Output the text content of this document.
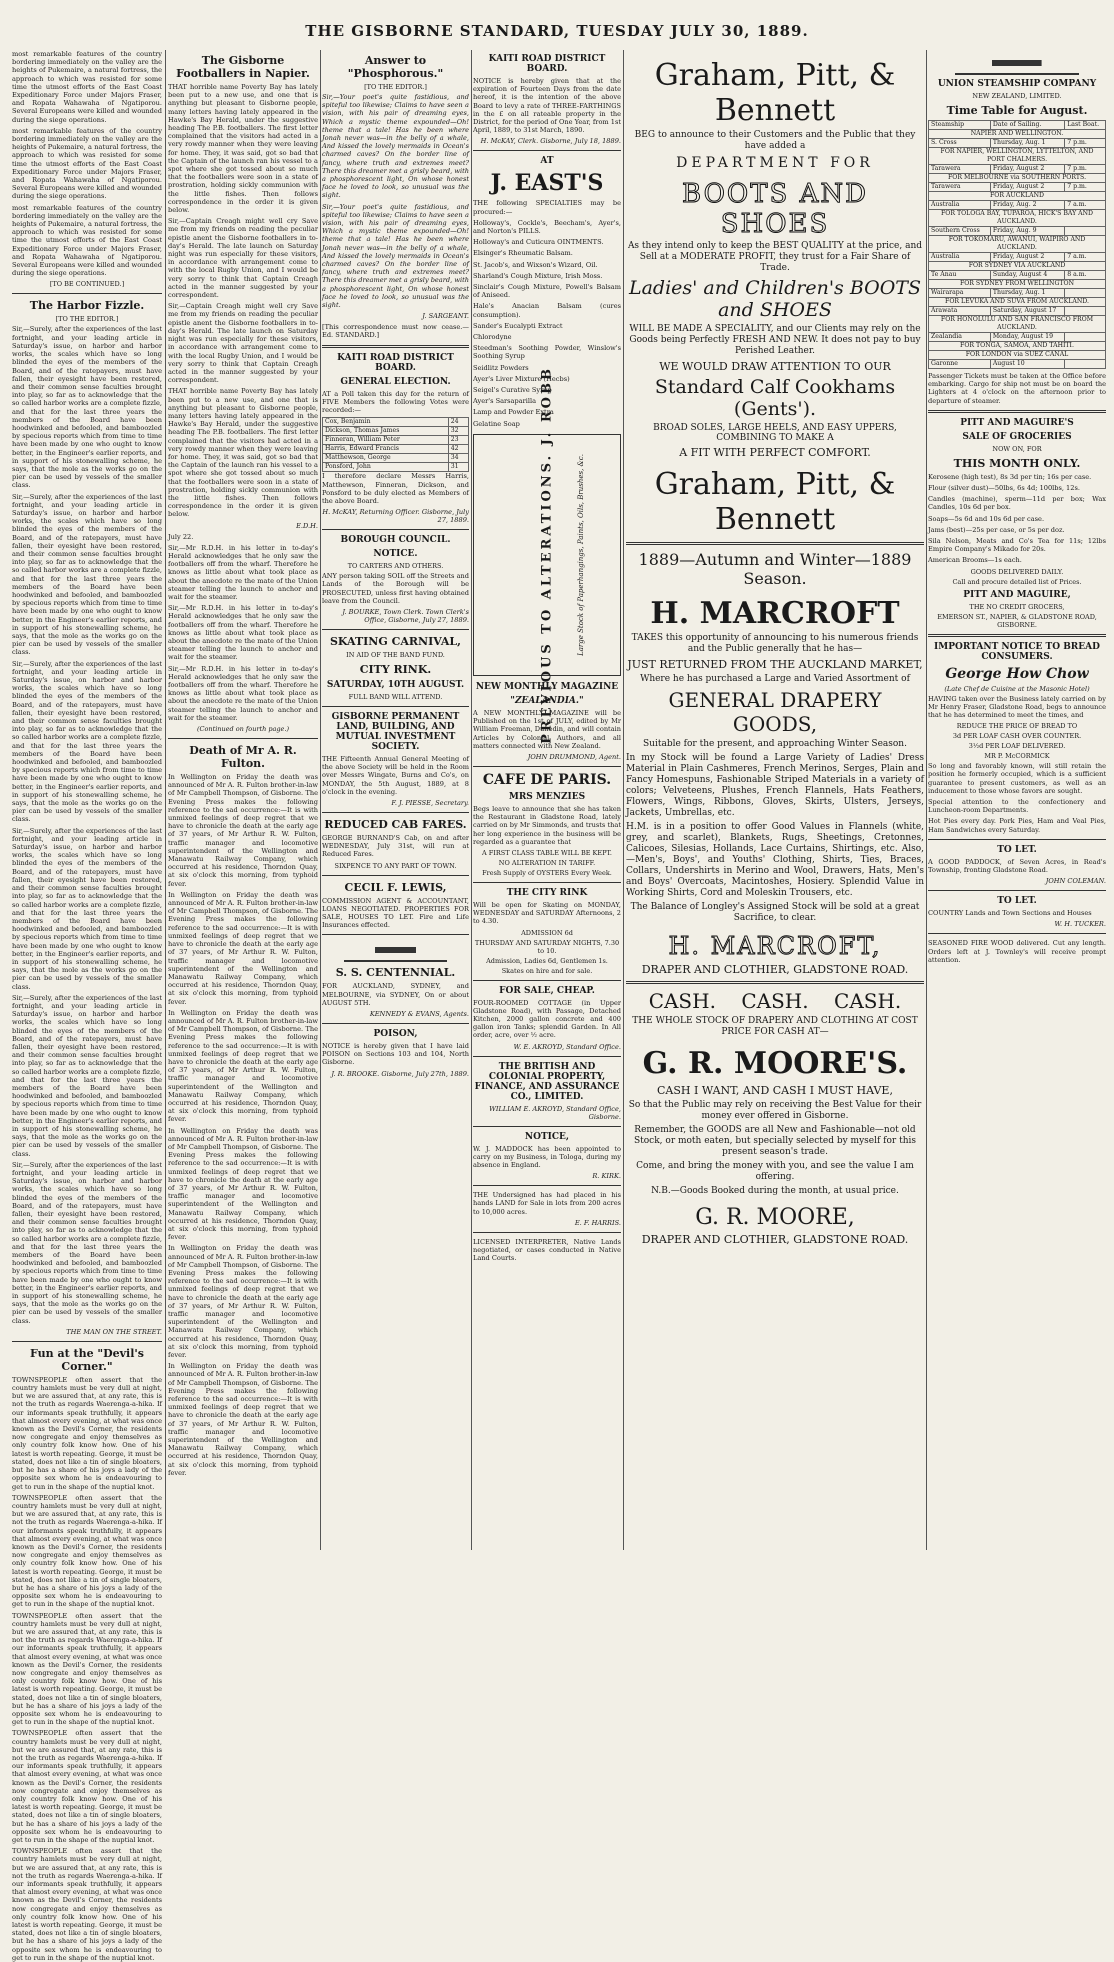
THE GISBORNE STANDARD, TUESDAY JULY 30, 1889.

most remarkable features of the country bordering immediately on the valley are the heights of Pukemaire, a natural fortress, the approach to which was resisted for some time the utmost efforts of the East Coast Expeditionary Force under Majors Fraser, and Ropata Wahawaha of Ngatiporou. Several Europeans were killed and wounded during the siege operations.

most remarkable features of the country bordering immediately on the valley are the heights of Pukemaire, a natural fortress, the approach to which was resisted for some time the utmost efforts of the East Coast Expeditionary Force under Majors Fraser, and Ropata Wahawaha of Ngatiporou. Several Europeans were killed and wounded during the siege operations.

most remarkable features of the country bordering immediately on the valley are the heights of Pukemaire, a natural fortress, the approach to which was resisted for some time the utmost efforts of the East Coast Expeditionary Force under Majors Fraser, and Ropata Wahawaha of Ngatiporou. Several Europeans were killed and wounded during the siege operations.

[TO BE CONTINUED.]
The Harbor Fizzle.
[TO THE EDITOR.]

Sir,—Surely, after the experiences of the last fortnight, and your leading article in Saturday's issue, on harbor and harbor works, the scales which have so long blinded the eyes of the members of the Board, and of the ratepayers, must have fallen, their eyesight have been restored, and their common sense faculties brought into play, so far as to acknowledge that the so called harbor works are a complete fizzle, and that for the last three years the members of the Board have been hoodwinked and befooled, and bamboozled by specious reports which from time to time have been made by one who ought to know better, in the Engineer's earlier reports, and in support of his stonewalling scheme, he says, that the mole as the works go on the pier can be used by vessels of the smaller class.

Sir,—Surely, after the experiences of the last fortnight, and your leading article in Saturday's issue, on harbor and harbor works, the scales which have so long blinded the eyes of the members of the Board, and of the ratepayers, must have fallen, their eyesight have been restored, and their common sense faculties brought into play, so far as to acknowledge that the so called harbor works are a complete fizzle, and that for the last three years the members of the Board have been hoodwinked and befooled, and bamboozled by specious reports which from time to time have been made by one who ought to know better, in the Engineer's earlier reports, and in support of his stonewalling scheme, he says, that the mole as the works go on the pier can be used by vessels of the smaller class.

Sir,—Surely, after the experiences of the last fortnight, and your leading article in Saturday's issue, on harbor and harbor works, the scales which have so long blinded the eyes of the members of the Board, and of the ratepayers, must have fallen, their eyesight have been restored, and their common sense faculties brought into play, so far as to acknowledge that the so called harbor works are a complete fizzle, and that for the last three years the members of the Board have been hoodwinked and befooled, and bamboozled by specious reports which from time to time have been made by one who ought to know better, in the Engineer's earlier reports, and in support of his stonewalling scheme, he says, that the mole as the works go on the pier can be used by vessels of the smaller class.

Sir,—Surely, after the experiences of the last fortnight, and your leading article in Saturday's issue, on harbor and harbor works, the scales which have so long blinded the eyes of the members of the Board, and of the ratepayers, must have fallen, their eyesight have been restored, and their common sense faculties brought into play, so far as to acknowledge that the so called harbor works are a complete fizzle, and that for the last three years the members of the Board have been hoodwinked and befooled, and bamboozled by specious reports which from time to time have been made by one who ought to know better, in the Engineer's earlier reports, and in support of his stonewalling scheme, he says, that the mole as the works go on the pier can be used by vessels of the smaller class.

Sir,—Surely, after the experiences of the last fortnight, and your leading article in Saturday's issue, on harbor and harbor works, the scales which have so long blinded the eyes of the members of the Board, and of the ratepayers, must have fallen, their eyesight have been restored, and their common sense faculties brought into play, so far as to acknowledge that the so called harbor works are a complete fizzle, and that for the last three years the members of the Board have been hoodwinked and befooled, and bamboozled by specious reports which from time to time have been made by one who ought to know better, in the Engineer's earlier reports, and in support of his stonewalling scheme, he says, that the mole as the works go on the pier can be used by vessels of the smaller class.

Sir,—Surely, after the experiences of the last fortnight, and your leading article in Saturday's issue, on harbor and harbor works, the scales which have so long blinded the eyes of the members of the Board, and of the ratepayers, must have fallen, their eyesight have been restored, and their common sense faculties brought into play, so far as to acknowledge that the so called harbor works are a complete fizzle, and that for the last three years the members of the Board have been hoodwinked and befooled, and bamboozled by specious reports which from time to time have been made by one who ought to know better, in the Engineer's earlier reports, and in support of his stonewalling scheme, he says, that the mole as the works go on the pier can be used by vessels of the smaller class.

THE MAN ON THE STREET.
Fun at the "Devil's Corner."

TOWNSPEOPLE often assert that the country hamlets must be very dull at night, but we are assured that, at any rate, this is not the truth as regards Waerenga-a-hika. If our informants speak truthfully, it appears that almost every evening, at what was once known as the Devil's Corner, the residents now congregate and enjoy themselves as only country folk know how. One of his latest is worth repeating. George, it must be stated, does not like a tin of single bloaters, but he has a share of his joys a lady of the opposite sex whom he is endeavouring to get to run in the shape of the nuptial knot.

TOWNSPEOPLE often assert that the country hamlets must be very dull at night, but we are assured that, at any rate, this is not the truth as regards Waerenga-a-hika. If our informants speak truthfully, it appears that almost every evening, at what was once known as the Devil's Corner, the residents now congregate and enjoy themselves as only country folk know how. One of his latest is worth repeating. George, it must be stated, does not like a tin of single bloaters, but he has a share of his joys a lady of the opposite sex whom he is endeavouring to get to run in the shape of the nuptial knot.

TOWNSPEOPLE often assert that the country hamlets must be very dull at night, but we are assured that, at any rate, this is not the truth as regards Waerenga-a-hika. If our informants speak truthfully, it appears that almost every evening, at what was once known as the Devil's Corner, the residents now congregate and enjoy themselves as only country folk know how. One of his latest is worth repeating. George, it must be stated, does not like a tin of single bloaters, but he has a share of his joys a lady of the opposite sex whom he is endeavouring to get to run in the shape of the nuptial knot.

TOWNSPEOPLE often assert that the country hamlets must be very dull at night, but we are assured that, at any rate, this is not the truth as regards Waerenga-a-hika. If our informants speak truthfully, it appears that almost every evening, at what was once known as the Devil's Corner, the residents now congregate and enjoy themselves as only country folk know how. One of his latest is worth repeating. George, it must be stated, does not like a tin of single bloaters, but he has a share of his joys a lady of the opposite sex whom he is endeavouring to get to run in the shape of the nuptial knot.

TOWNSPEOPLE often assert that the country hamlets must be very dull at night, but we are assured that, at any rate, this is not the truth as regards Waerenga-a-hika. If our informants speak truthfully, it appears that almost every evening, at what was once known as the Devil's Corner, the residents now congregate and enjoy themselves as only country folk know how. One of his latest is worth repeating. George, it must be stated, does not like a tin of single bloaters, but he has a share of his joys a lady of the opposite sex whom he is endeavouring to get to run in the shape of the nuptial knot.

The Gisborne Footballers in Napier.

THAT horrible name Poverty Bay has lately been put to a new use, and one that is anything but pleasant to Gisborne people, many letters having lately appeared in the Hawke's Bay Herald, under the suggestive heading The P.B. footballers. The first letter complained that the visitors had acted in a very rowdy manner when they were leaving for home. They, it was said, got so bad that the Captain of the launch ran his vessel to a spot where she got tossed about so much that the footballers were soon in a state of prostration, holding sickly communion with the little fishes. Then follows correspondence in the order it is given below.

Sir,—Captain Creagh might well cry Save me from my friends on reading the peculiar epistle anent the Gisborne footballers in to-day's Herald. The late launch on Saturday night was run especially for these visitors, in accordance with arrangement come to with the local Rugby Union, and I would be very sorry to think that Captain Creagh acted in the manner suggested by your correspondent.

Sir,—Captain Creagh might well cry Save me from my friends on reading the peculiar epistle anent the Gisborne footballers in to-day's Herald. The late launch on Saturday night was run especially for these visitors, in accordance with arrangement come to with the local Rugby Union, and I would be very sorry to think that Captain Creagh acted in the manner suggested by your correspondent.

THAT horrible name Poverty Bay has lately been put to a new use, and one that is anything but pleasant to Gisborne people, many letters having lately appeared in the Hawke's Bay Herald, under the suggestive heading The P.B. footballers. The first letter complained that the visitors had acted in a very rowdy manner when they were leaving for home. They, it was said, got so bad that the Captain of the launch ran his vessel to a spot where she got tossed about so much that the footballers were soon in a state of prostration, holding sickly communion with the little fishes. Then follows correspondence in the order it is given below.

E.D.H.

July 22.

Sir,—Mr R.D.H. in his letter in to-day's Herald acknowledges that he only saw the footballers off from the wharf. Therefore he knows as little about what took place as about the anecdote re the mate of the Union steamer telling the launch to anchor and wait for the steamer.

Sir,—Mr R.D.H. in his letter in to-day's Herald acknowledges that he only saw the footballers off from the wharf. Therefore he knows as little about what took place as about the anecdote re the mate of the Union steamer telling the launch to anchor and wait for the steamer.

Sir,—Mr R.D.H. in his letter in to-day's Herald acknowledges that he only saw the footballers off from the wharf. Therefore he knows as little about what took place as about the anecdote re the mate of the Union steamer telling the launch to anchor and wait for the steamer.

(Continued on fourth page.)
Death of Mr A. R. Fulton.

In Wellington on Friday the death was announced of Mr A. R. Fulton brother-in-law of Mr Campbell Thompson, of Gisborne. The Evening Press makes the following reference to the sad occurrence:—It is with unmixed feelings of deep regret that we have to chronicle the death at the early age of 37 years, of Mr Arthur R. W. Fulton, traffic manager and locomotive superintendent of the Wellington and Manawatu Railway Company, which occurred at his residence, Thorndon Quay, at six o'clock this morning, from typhoid fever.

In Wellington on Friday the death was announced of Mr A. R. Fulton brother-in-law of Mr Campbell Thompson, of Gisborne. The Evening Press makes the following reference to the sad occurrence:—It is with unmixed feelings of deep regret that we have to chronicle the death at the early age of 37 years, of Mr Arthur R. W. Fulton, traffic manager and locomotive superintendent of the Wellington and Manawatu Railway Company, which occurred at his residence, Thorndon Quay, at six o'clock this morning, from typhoid fever.

In Wellington on Friday the death was announced of Mr A. R. Fulton brother-in-law of Mr Campbell Thompson, of Gisborne. The Evening Press makes the following reference to the sad occurrence:—It is with unmixed feelings of deep regret that we have to chronicle the death at the early age of 37 years, of Mr Arthur R. W. Fulton, traffic manager and locomotive superintendent of the Wellington and Manawatu Railway Company, which occurred at his residence, Thorndon Quay, at six o'clock this morning, from typhoid fever.

In Wellington on Friday the death was announced of Mr A. R. Fulton brother-in-law of Mr Campbell Thompson, of Gisborne. The Evening Press makes the following reference to the sad occurrence:—It is with unmixed feelings of deep regret that we have to chronicle the death at the early age of 37 years, of Mr Arthur R. W. Fulton, traffic manager and locomotive superintendent of the Wellington and Manawatu Railway Company, which occurred at his residence, Thorndon Quay, at six o'clock this morning, from typhoid fever.

In Wellington on Friday the death was announced of Mr A. R. Fulton brother-in-law of Mr Campbell Thompson, of Gisborne. The Evening Press makes the following reference to the sad occurrence:—It is with unmixed feelings of deep regret that we have to chronicle the death at the early age of 37 years, of Mr Arthur R. W. Fulton, traffic manager and locomotive superintendent of the Wellington and Manawatu Railway Company, which occurred at his residence, Thorndon Quay, at six o'clock this morning, from typhoid fever.

In Wellington on Friday the death was announced of Mr A. R. Fulton brother-in-law of Mr Campbell Thompson, of Gisborne. The Evening Press makes the following reference to the sad occurrence:—It is with unmixed feelings of deep regret that we have to chronicle the death at the early age of 37 years, of Mr Arthur R. W. Fulton, traffic manager and locomotive superintendent of the Wellington and Manawatu Railway Company, which occurred at his residence, Thorndon Quay, at six o'clock this morning, from typhoid fever.

Answer to "Phosphorous."
[TO THE EDITOR.]

Sir,—Your poet's quite fastidious, and spiteful too likewise; Claims to have seen a vision, with his pair of dreaming eyes, Which a mystic theme expounded—Oh! theme that a tale! Has he been where Jonah never was—in the belly of a whale, And kissed the lovely mermaids in Ocean's charmed caves? On the border line of fancy, where truth and extremes meet? There this dreamer met a grisly beard, with a phosphorescent light, On whose honest face he loved to look, so unusual was the sight.

Sir,—Your poet's quite fastidious, and spiteful too likewise; Claims to have seen a vision, with his pair of dreaming eyes, Which a mystic theme expounded—Oh! theme that a tale! Has he been where Jonah never was—in the belly of a whale, And kissed the lovely mermaids in Ocean's charmed caves? On the border line of fancy, where truth and extremes meet? There this dreamer met a grisly beard, with a phosphorescent light, On whose honest face he loved to look, so unusual was the sight.

J. SARGEANT.

[This correspondence must now cease.—Ed. STANDARD.]

KAITI ROAD DISTRICT BOARD.
GENERAL ELECTION.

AT a Poll taken this day for the return of FIVE Members the following Votes were recorded:—

Cox, Benjamin	24
Dickson, Thomas James	32
Finneran, William Peter	23
Harris, Edward Francis	42
Matthewson, George	34
Ponsford, John	31

I therefore declare Messrs Harris, Matthewson, Finneran, Dickson, and Ponsford to be duly elected as Members of the above Board.

H. McKAY, Returning Officer. Gisborne, July 27, 1889.
BOROUGH COUNCIL.
NOTICE.
TO CARTERS AND OTHERS.

ANY person taking SOIL off the Streets and Lands of the Borough will be PROSECUTED, unless first having obtained leave from the Council.

J. BOURKE, Town Clerk. Town Clerk's Office, Gisborne, July 27, 1889.
SKATING CARNIVAL,
IN AID OF THE BAND FUND.
CITY RINK.
SATURDAY, 10TH AUGUST.
FULL BAND WILL ATTEND.
GISBORNE PERMANENT LAND, BUILDING, AND MUTUAL INVESTMENT SOCIETY.

THE Fifteenth Annual General Meeting of the above Society will be held in the Room over Messrs Wingate, Burns and Co's, on MONDAY, the 5th August, 1889, at 8 o'clock in the evening.

F. J. PIESSE, Secretary.
REDUCED CAB FARES.

GEORGE BURNAND'S Cab, on and after WEDNESDAY, July 31st, will run at Reduced Fares.

SIXPENCE TO ANY PART OF TOWN.
CECIL F. LEWIS,

COMMISSION AGENT & ACCOUNTANT, LOANS NEGOTIATED. PROPERTIES FOR SALE, HOUSES TO LET. Fire and Life Insurances effected.

S. S. CENTENNIAL.

FOR AUCKLAND, SYDNEY, and MELBOURNE, via SYDNEY, On or about AUGUST 5TH.

KENNEDY & EVANS, Agents.
POISON,

NOTICE is hereby given that I have laid POISON on Sections 103 and 104, North Gisborne.

J. R. BROOKE. Gisborne, July 27th, 1889.
KAITI ROAD DISTRICT BOARD.

NOTICE is hereby given that at the expiration of Fourteen Days from the date hereof, it is the intention of the above Board to levy a rate of THREE-FARTHINGS in the £ on all rateable property in the District, for the period of One Year, from 1st April, 1889, to 31st March, 1890.

H. McKAY, Clerk. Gisborne, July 18, 1889.
AT
J. EAST'S

THE following SPECIALTIES may be procured:—

Holloway's, Cockle's, Beecham's, Ayer's, and Norton's PILLS.

Holloway's and Cuticura OINTMENTS.

Elsinger's Rheumatic Balsam.

St. Jacob's, and Wixson's Wizard, Oil.

Sharland's Cough Mixture, Irish Moss.

Sinclair's Cough Mixture, Powell's Balsam of Aniseed.

Hale's Anacian Balsam (cures consumption).

Sander's Eucalypti Extract

Chlorodyne

Steedman's Soothing Powder, Winslow's Soothing Syrup

Seidlitz Powders

Ayer's Liver Mixture (Hecbs)

Seigel's Curative Syrup

Ayer's Sarsaparilla

Lamp and Powder Extra

Gelatine Soap	PREVIOUS TO ALTERATIONS. J. ROBB	Large Stock of Paperhangings, Paints, Oils, Brushes, &c.
NEW MONTHLY MAGAZINE
"ZEALANDIA."

A NEW MONTHLY MAGAZINE will be Published on the 1st of JULY, edited by Mr William Freeman, Dunedin, and will contain Articles by Colonial Authors, and all matters connected with New Zealand.

JOHN DRUMMOND, Agent.
CAFE DE PARIS.
MRS MENZIES

Begs leave to announce that she has taken the Restaurant in Gladstone Road, lately carried on by Mr Simmonds, and trusts that her long experience in the business will be regarded as a guarantee that

A FIRST CLASS TABLE WILL BE KEPT.
NO ALTERATION IN TARIFF.
Fresh Supply of OYSTERS Every Week.
THE CITY RINK

Will be open for Skating on MONDAY, WEDNESDAY and SATURDAY Afternoons, 2 to 4.30.

ADMISSION 6d
THURSDAY AND SATURDAY NIGHTS, 7.30 to 10.
Admission, Ladies 6d, Gentlemen 1s.
Skates on hire and for sale.
FOR SALE, CHEAP.

FOUR-ROOMED COTTAGE (in Upper Gladstone Road), with Passage, Detached Kitchen, 2000 gallon concrete and 400 gallon iron Tanks; splendid Garden. In All order, acre, over ½ acre.

W. E. AKROYD, Standard Office.
THE BRITISH AND COLONIAL PROPERTY, FINANCE, AND ASSURANCE CO., LIMITED.
WILLIAM E. AKROYD, Standard Office, Gisborne.
NOTICE,

W. J. MADDOCK has been appointed to carry on my Business, in Tologa, during my absence in England.

R. KIRK.

THE Undersigned has had placed in his hands LAND for Sale in lots from 200 acres to 10,000 acres.

E. F. HARRIS.

LICENSED INTERPRETER, Native Lands negotiated, or cases conducted in Native Land Courts.

Graham, Pitt, & Bennett

BEG to announce to their Customers and the Public that they have added a

DEPARTMENT FOR
BOOTS AND SHOES

As they intend only to keep the BEST QUALITY at the price, and Sell at a MODERATE PROFIT, they trust for a Fair Share of Trade.

Ladies' and Children's BOOTS and SHOES

WILL BE MADE A SPECIALITY, and our Clients may rely on the Goods being Perfectly FRESH AND NEW. It does not pay to buy Perished Leather.

WE WOULD DRAW ATTENTION TO OUR
Standard Calf Cookhams (Gents').
BROAD SOLES, LARGE HEELS, AND EASY UPPERS, COMBINING TO MAKE A
A FIT WITH PERFECT COMFORT.
Graham, Pitt, & Bennett
1889—Autumn and Winter—1889 Season.
H. MARCROFT

TAKES this opportunity of announcing to his numerous friends and the Public generally that he has—

JUST RETURNED FROM THE AUCKLAND MARKET,

Where he has purchased a Large and Varied Assortment of

GENERAL DRAPERY GOODS,

Suitable for the present, and approaching Winter Season.

In my Stock will be found a Large Variety of Ladies' Dress Material in Plain Cashmeres, French Merinos, Serges, Plain and Fancy Homespuns, Fashionable Striped Materials in a variety of colors; Velveteens, Plushes, French Flannels, Hats Feathers, Flowers, Wings, Ribbons, Gloves, Skirts, Ulsters, Jerseys, Jackets, Umbrellas, etc.

H.M. is in a position to offer Good Values in Flannels (white, grey, and scarlet), Blankets, Rugs, Sheetings, Cretonnes, Calicoes, Silesias, Hollands, Lace Curtains, Shirtings, etc. Also,—Men's, Boys', and Youths' Clothing, Shirts, Ties, Braces, Collars, Undershirts in Merino and Wool, Drawers, Hats, Men's and Boys' Overcoats, Macintoshes, Hosiery. Splendid Value in Working Shirts, Cord and Moleskin Trousers, etc.

The Balance of Longley's Assigned Stock will be sold at a great Sacrifice, to clear.

H. MARCROFT,
DRAPER AND CLOTHIER, GLADSTONE ROAD.
CASH.    CASH.    CASH.

THE WHOLE STOCK OF DRAPERY AND CLOTHING AT COST PRICE FOR CASH AT—

G. R. MOORE'S.
CASH I WANT, AND CASH I MUST HAVE,

So that the Public may rely on receiving the Best Value for their money ever offered in Gisborne.

Remember, the GOODS are all New and Fashionable—not old Stock, or moth eaten, but specially selected by myself for this present season's trade.

Come, and bring the money with you, and see the value I am offering.

N.B.—Goods Booked during the month, at usual price.

G. R. MOORE,
DRAPER AND CLOTHIER, GLADSTONE ROAD.
UNION STEAMSHIP COMPANY
NEW ZEALAND, LIMITED.
Time Table for August.
Steamship	Date of Sailing.	Last Boat.
NAPIER AND WELLINGTON.		
S. Cross	Thursday, Aug. 1	7 p.m.
FOR NAPIER, WELLINGTON, LYTTELTON, AND PORT CHALMERS.		
Tarawera	Friday, August 2	7 p.m.
FOR MELBOURNE via SOUTHERN PORTS.		
Tarawera	Friday, August 2	7 p.m.
FOR AUCKLAND		
Australia	Friday, Aug. 2	7 a.m.
FOR TOLOGA BAY, TUPAROA, HICK'S BAY AND AUCKLAND.		
Southern Cross	Friday, Aug. 9	
FOR TOKOMARU, AWANUI, WAIPIRO AND AUCKLAND.		
Australia	Friday, August 2	7 a.m.
FOR SYDNEY VIA AUCKLAND		
Te Anau	Sunday, August 4	8 a.m.
FOR SYDNEY FROM WELLINGTON		
Wairarapa	Thursday, Aug. 1	
FOR LEVUKA AND SUVA FROM AUCKLAND.		
Arawata	Saturday, August 17	
FOR HONOLULU AND SAN FRANCISCO FROM AUCKLAND.		
Zealandia	Monday, August 19	
FOR TONGA, SAMOA, AND TAHITI.		
FOR LONDON via SUEZ CANAL		
Garonne	August 10	

Passenger Tickets must be taken at the Office before embarking. Cargo for ship not must be on board the Lighters at 4 o'clock on the afternoon prior to departure of steamer.

PITT AND MAGUIRE'S
SALE OF GROCERIES
NOW ON, FOR
THIS MONTH ONLY.

Kerosene (high test), 8s 3d per tin; 16s per case.

Flour (silver dust)—50lbs, 6s 4d; 100lbs, 12s.

Candles (machine), sperm—11d per box; Wax Candles, 10s 6d per box.

Soaps—5s 6d and 10s 6d per case.

Jams (best)—25s per case, or 5s per doz.

Sila Nelson, Meats and Co's Tea for 11s; 12lbs Empire Company's Mikado for 20s.

American Brooms—1s each.

GOODS DELIVERED DAILY.
Call and procure detailed list of Prices.
PITT AND MAGUIRE,
THE NO CREDIT GROCERS,
EMERSON ST., NAPIER, & GLADSTONE ROAD, GISBORNE.
IMPORTANT NOTICE TO BREAD CONSUMERS.
George How Chow
(Late Chef de Cuisine at the Masonic Hotel)

HAVING taken over the Business lately carried on by Mr Henry Fraser, Gladstone Road, begs to announce that he has determined to meet the times, and

REDUCE THE PRICE OF BREAD TO
3d PER LOAF CASH OVER COUNTER.
3½d PER LOAF DELIVERED.
MR P. McCORMICK

So long and favorably known, will still retain the position he formerly occupied, which is a sufficient guarantee to present customers, as well as an inducement to those whose favors are sought.

Special attention to the confectionery and Luncheon-room Departments.

Hot Pies every day. Pork Pies, Ham and Veal Pies, Ham Sandwiches every Saturday.

TO LET.

A GOOD PADDOCK, of Seven Acres, in Read's Township, fronting Gladstone Road.

JOHN COLEMAN.
TO LET.

COUNTRY Lands and Town Sections and Houses

W. H. TUCKER.

SEASONED FIRE WOOD delivered. Cut any length. Orders left at J. Townley's will receive prompt attention.
